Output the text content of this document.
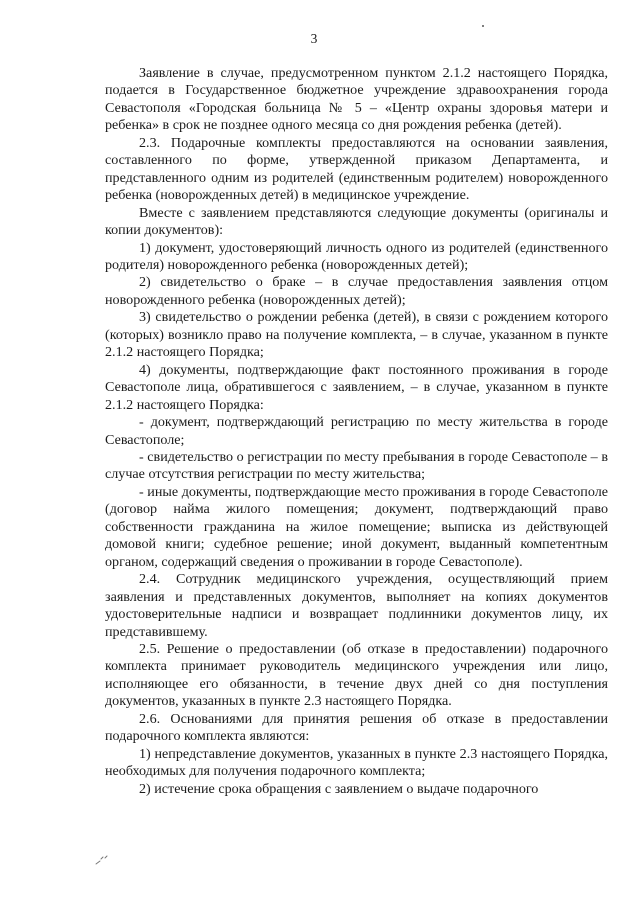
3

Заявление в случае, предусмотренном пунктом 2.1.2 настоящего Порядка, подается в Государственное бюджетное учреждение здравоохранения города Севастополя «Городская больница № 5 – «Центр охраны здоровья матери и ребенка» в срок не позднее одного месяца со дня рождения ребенка (детей).

2.3. Подарочные комплекты предоставляются на основании заявления, составленного по форме, утвержденной приказом Департамента, и представленного одним из родителей (единственным родителем) новорожденного ребенка (новорожденных детей) в медицинское учреждение.

Вместе с заявлением представляются следующие документы (оригиналы и копии документов):

1) документ, удостоверяющий личность одного из родителей (единственного родителя) новорожденного ребенка (новорожденных детей);

2) свидетельство о браке – в случае предоставления заявления отцом новорожденного ребенка (новорожденных детей);

3) свидетельство о рождении ребенка (детей), в связи с рождением которого (которых) возникло право на получение комплекта, – в случае, указанном в пункте 2.1.2 настоящего Порядка;

4) документы, подтверждающие факт постоянного проживания в городе Севастополе лица, обратившегося с заявлением, – в случае, указанном в пункте 2.1.2 настоящего Порядка:

- документ, подтверждающий регистрацию по месту жительства в городе Севастополе;

- свидетельство о регистрации по месту пребывания в городе Севастополе – в случае отсутствия регистрации по месту жительства;

- иные документы, подтверждающие место проживания в городе Севастополе (договор найма жилого помещения; документ, подтверждающий право собственности гражданина на жилое помещение; выписка из действующей домовой книги; судебное решение; иной документ, выданный компетентным органом, содержащий сведения о проживании в городе Севастополе).

2.4. Сотрудник медицинского учреждения, осуществляющий прием заявления и представленных документов, выполняет на копиях документов удостоверительные надписи и возвращает подлинники документов лицу, их представившему.

2.5. Решение о предоставлении (об отказе в предоставлении) подарочного комплекта принимает руководитель медицинского учреждения или лицо, исполняющее его обязанности, в течение двух дней со дня поступления документов, указанных в пункте 2.3 настоящего Порядка.

2.6. Основаниями для принятия решения об отказе в предоставлении подарочного комплекта являются:

1) непредставление документов, указанных в пункте 2.3 настоящего Порядка, необходимых для получения подарочного комплекта;

2) истечение срока обращения с заявлением о выдаче подарочного
